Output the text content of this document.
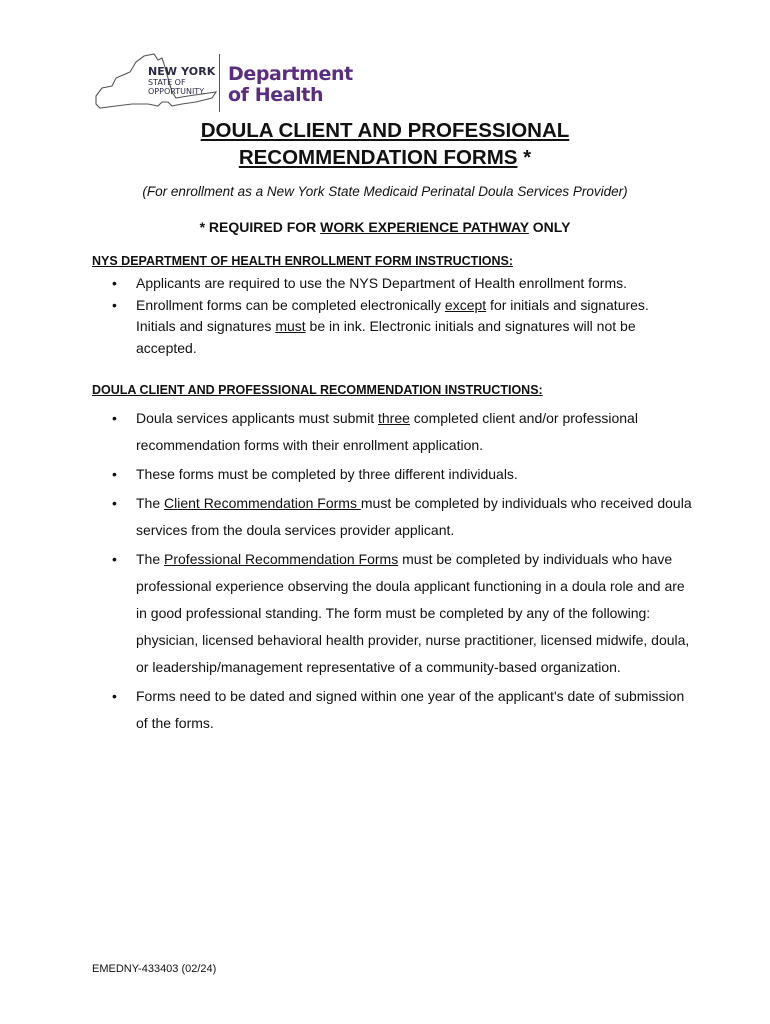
NEW YORK
STATE OF
OPPORTUNITY.
Department
of Health
DOULA CLIENT AND PROFESSIONAL
RECOMMENDATION FORMS *
(For enrollment as a New York State Medicaid Perinatal Doula Services Provider)
* REQUIRED FOR WORK EXPERIENCE PATHWAY ONLY
NYS DEPARTMENT OF HEALTH ENROLLMENT FORM INSTRUCTIONS:
• Applicants are required to use the NYS Department of Health enrollment forms.
• Enrollment forms can be completed electronically except for initials and signatures. Initials and signatures must be in ink. Electronic initials and signatures will not be accepted.
DOULA CLIENT AND PROFESSIONAL RECOMMENDATION INSTRUCTIONS:
• Doula services applicants must submit three completed client and/or professional recommendation forms with their enrollment application.
• These forms must be completed by three different individuals.
• The Client Recommendation Forms must be completed by individuals who received doula services from the doula services provider applicant.
• The Professional Recommendation Forms must be completed by individuals who have professional experience observing the doula applicant functioning in a doula role and are in good professional standing. The form must be completed by any of the following: physician, licensed behavioral health provider, nurse practitioner, licensed midwife, doula, or leadership/management representative of a community-based organization.
• Forms need to be dated and signed within one year of the applicant's date of submission of the forms.
EMEDNY-433403 (02/24)
